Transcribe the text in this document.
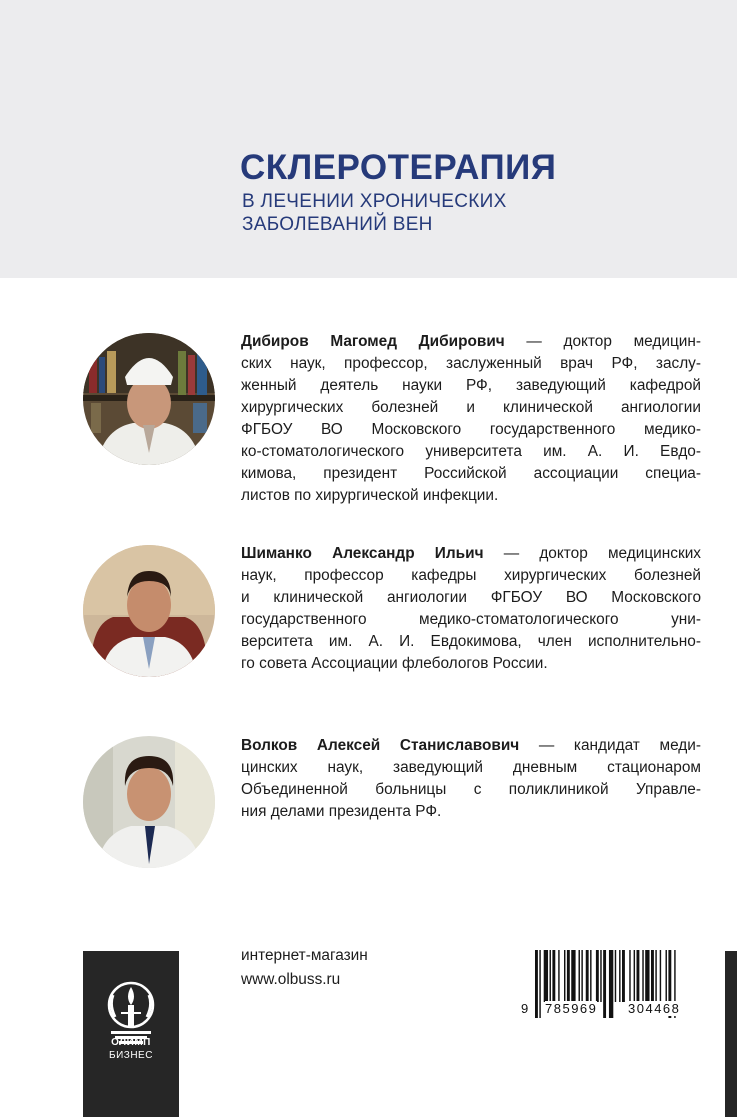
СКЛЕРОТЕРАПИЯ
В ЛЕЧЕНИИ ХРОНИЧЕСКИХ
ЗАБОЛЕВАНИЙ ВЕН
Дибиров Магомед Дибирович — доктор медицин-
ских наук, профессор, заслуженный врач РФ, заслу-
женный деятель науки РФ, заведующий кафедрой
хирургических болезней и клинической ангиологии
ФГБОУ ВО Московского государственного медико-
ко-стоматологического университета им. А. И. Евдо-
кимова, президент Российской ассоциации специа-
листов по хирургической инфекции.
Шиманко Александр Ильич — доктор медицинских
наук, профессор кафедры хирургических болезней
и клинической ангиологии ФГБОУ ВО Московского
государственного медико-стоматологического уни-
верситета им. А. И. Евдокимова, член исполнительно-
го совета Ассоциации флебологов России.
Волков Алексей Станиславович — кандидат меди-
цинских наук, заведующий дневным стационаром
Объединенной больницы с поликлиникой Управле-
ния делами президента РФ.
интернет-магазин
www.olbuss.ru
ОЛИМП
БИЗНЕС
9 785969 304468
